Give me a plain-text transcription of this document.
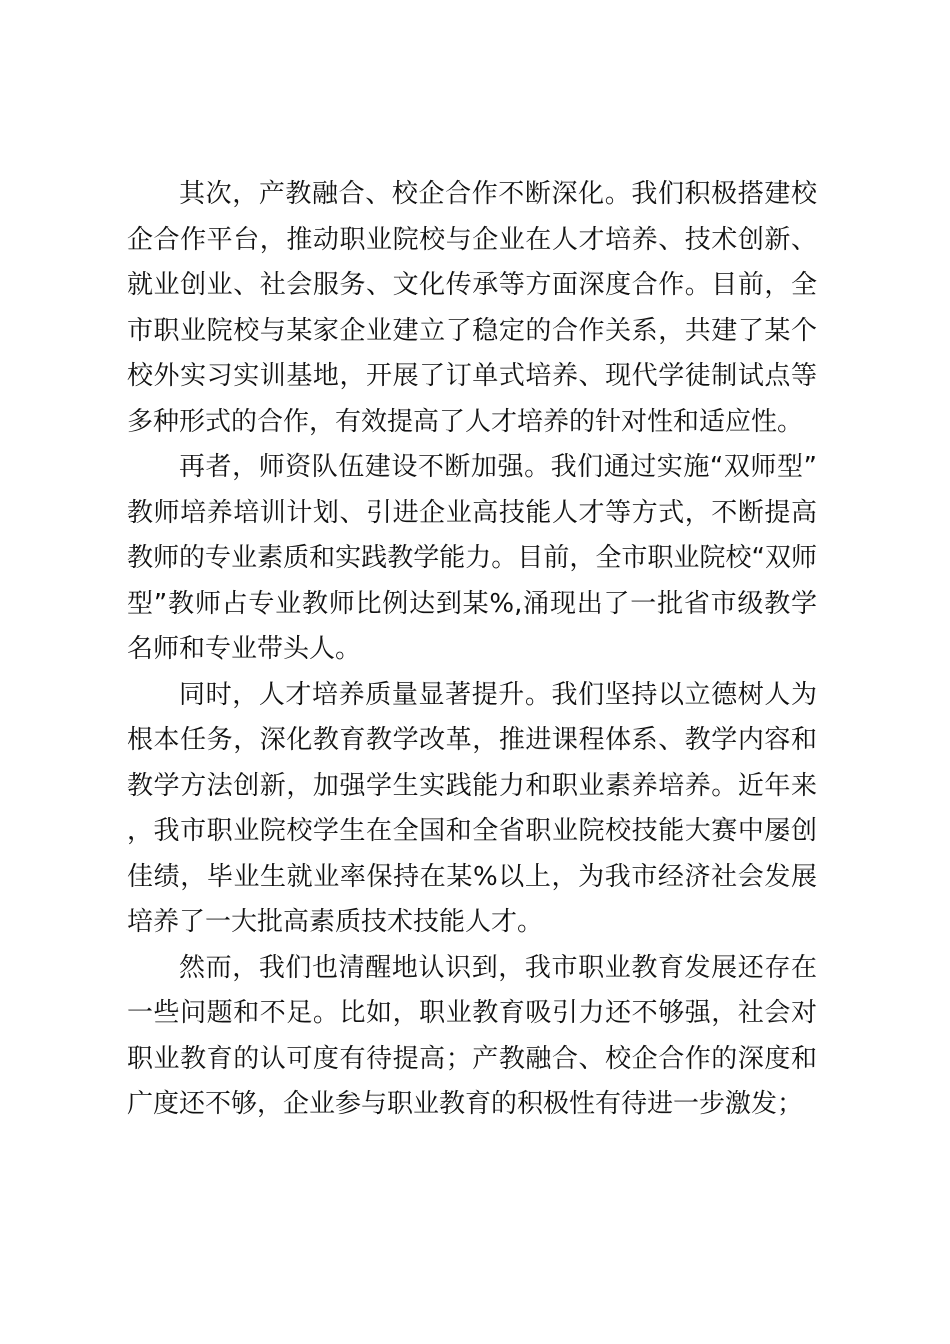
其次，产教融合、校企合作不断深化。我们积极搭建校企合作平台，推动职业院校与企业在人才培养、技术创新、就业创业、社会服务、文化传承等方面深度合作。目前，全市职业院校与某家企业建立了稳定的合作关系，共建了某个校外实习实训基地，开展了订单式培养、现代学徒制试点等多种形式的合作，有效提高了人才培养的针对性和适应性。

再者，师资队伍建设不断加强。我们通过实施“双师型”教师培养培训计划、引进企业高技能人才等方式，不断提高教师的专业素质和实践教学能力。目前，全市职业院校“双师型”教师占专业教师比例达到某%,涌现出了一批省市级教学名师和专业带头人。

同时，人才培养质量显著提升。我们坚持以立德树人为根本任务，深化教育教学改革，推进课程体系、教学内容和教学方法创新，加强学生实践能力和职业素养培养。近年来，我市职业院校学生在全国和全省职业院校技能大赛中屡创佳绩，毕业生就业率保持在某%以上，为我市经济社会发展培养了一大批高素质技术技能人才。

然而，我们也清醒地认识到，我市职业教育发展还存在一些问题和不足。比如，职业教育吸引力还不够强，社会对职业教育的认可度有待提高；产教融合、校企合作的深度和广度还不够，企业参与职业教育的积极性有待进一步激发；
